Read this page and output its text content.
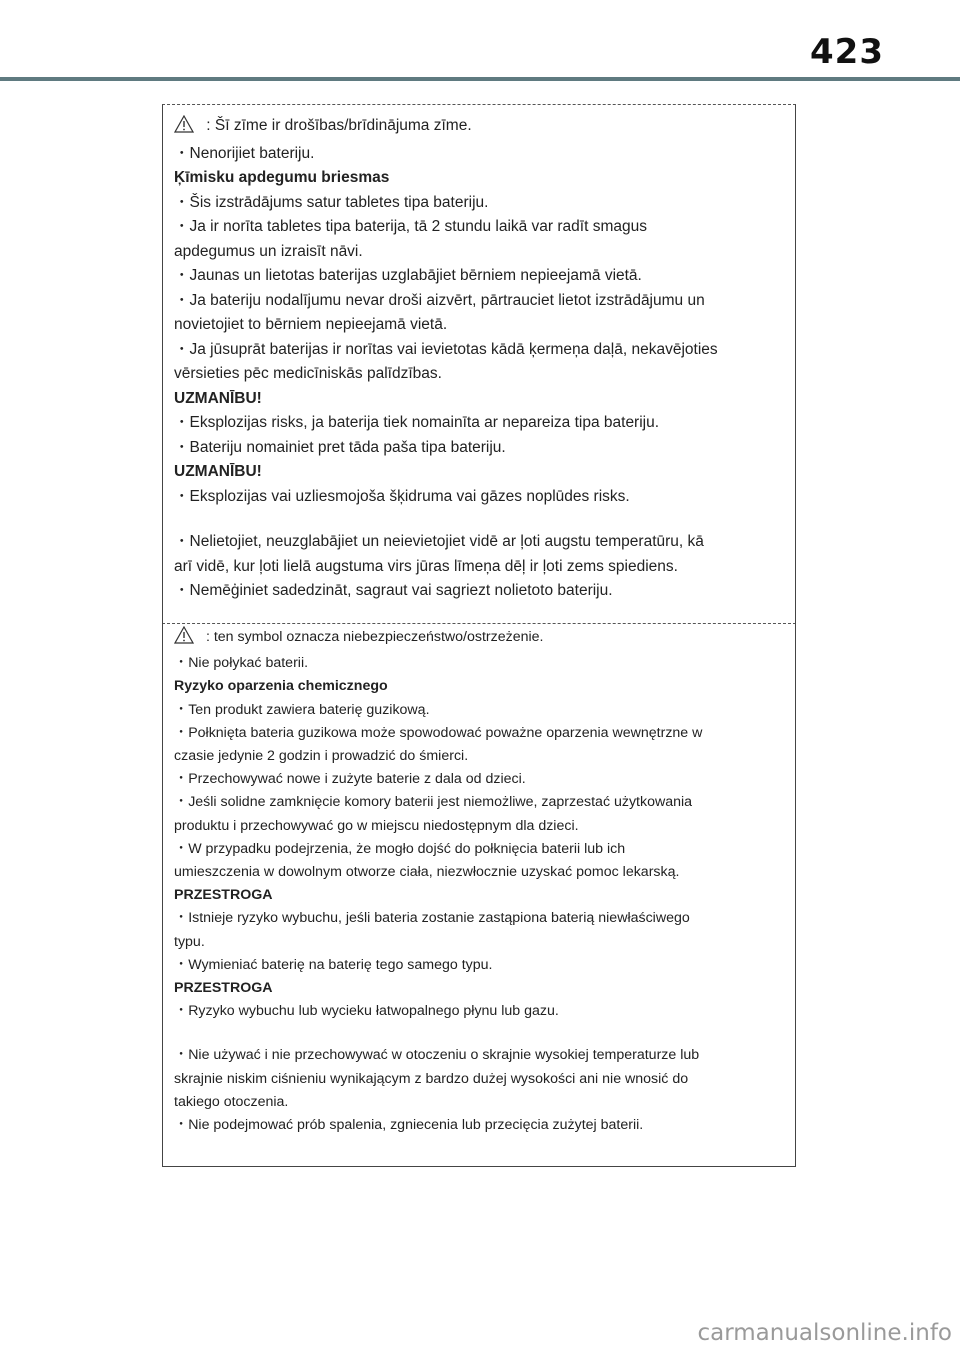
423
: Šī zīme ir drošības/brīdinājuma zīme.
・Nenorijiet bateriju.
Ķīmisku apdegumu briesmas
・Šis izstrādājums satur tabletes tipa bateriju.
・Ja ir norīta tabletes tipa baterija, tā 2 stundu laikā var radīt smagus
apdegumus un izraisīt nāvi.
・Jaunas un lietotas baterijas uzglabājiet bērniem nepieejamā vietā.
・Ja bateriju nodalījumu nevar droši aizvērt, pārtrauciet lietot izstrādājumu un
novietojiet to bērniem nepieejamā vietā.
・Ja jūsuprāt baterijas ir norītas vai ievietotas kādā ķermeņa daļā, nekavējoties
vērsieties pēc medicīniskās palīdzības.
UZMANĪBU!
・Eksplozijas risks, ja baterija tiek nomainīta ar nepareiza tipa bateriju.
・Bateriju nomainiet pret tāda paša tipa bateriju.
UZMANĪBU!
・Eksplozijas vai uzliesmojoša šķidruma vai gāzes noplūdes risks.
・Nelietojiet, neuzglabājiet un neievietojiet vidē ar ļoti augstu temperatūru, kā
arī vidē, kur ļoti lielā augstuma virs jūras līmeņa dēļ ir ļoti zems spiediens.
・Nemēģiniet sadedzināt, sagraut vai sagriezt nolietoto bateriju.
: ten symbol oznacza niebezpieczeństwo/ostrzeżenie.
・Nie połykać baterii.
Ryzyko oparzenia chemicznego
・Ten produkt zawiera baterię guzikową.
・Połknięta bateria guzikowa może spowodować poważne oparzenia wewnętrzne w
czasie jedynie 2 godzin i prowadzić do śmierci.
・Przechowywać nowe i zużyte baterie z dala od dzieci.
・Jeśli solidne zamknięcie komory baterii jest niemożliwe, zaprzestać użytkowania
produktu i przechowywać go w miejscu niedostępnym dla dzieci.
・W przypadku podejrzenia, że mogło dojść do połknięcia baterii lub ich
umieszczenia w dowolnym otworze ciała, niezwłocznie uzyskać pomoc lekarską.
PRZESTROGA
・Istnieje ryzyko wybuchu, jeśli bateria zostanie zastąpiona baterią niewłaściwego
typu.
・Wymieniać baterię na baterię tego samego typu.
PRZESTROGA
・Ryzyko wybuchu lub wycieku łatwopalnego płynu lub gazu.
・Nie używać i nie przechowywać w otoczeniu o skrajnie wysokiej temperaturze lub
skrajnie niskim ciśnieniu wynikającym z bardzo dużej wysokości ani nie wnosić do
takiego otoczenia.
・Nie podejmować prób spalenia, zgniecenia lub przecięcia zużytej baterii.
carmanualsonline.info
